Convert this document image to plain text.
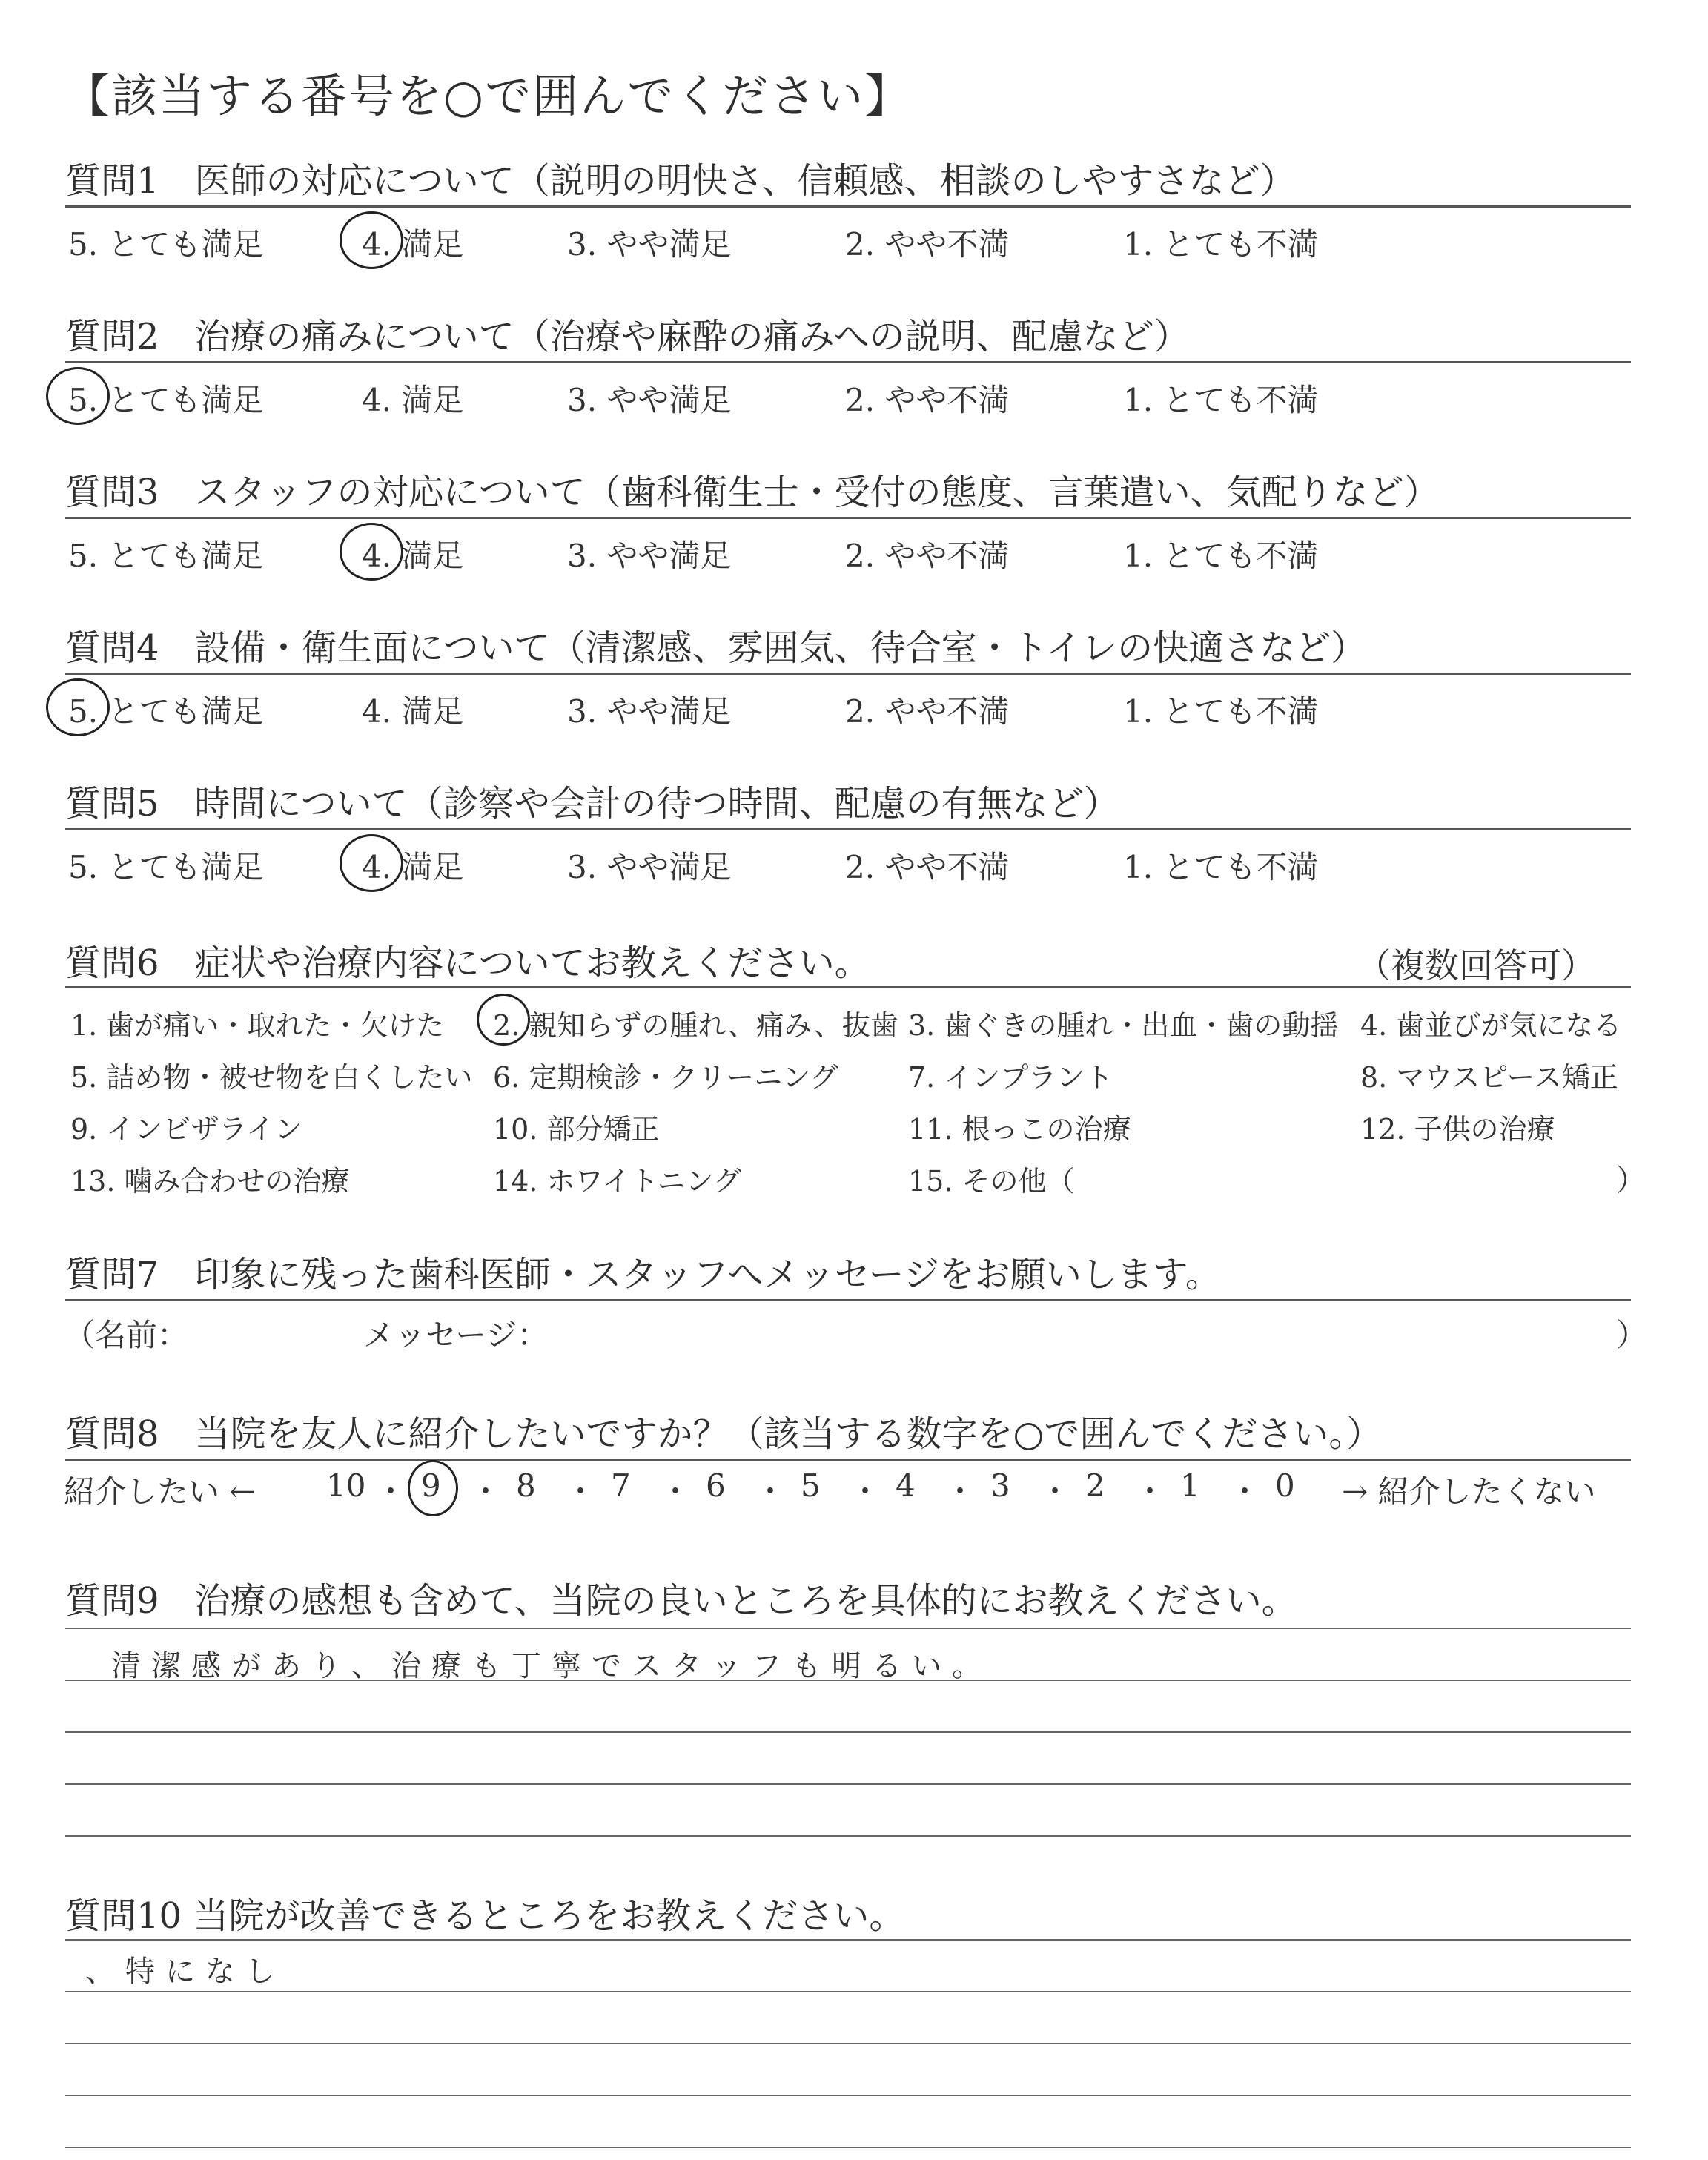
【該当する番号を○で囲んでください】
質問1　医師の対応について（説明の明快さ、信頼感、相談のしやすさなど）
5. とても満足	4. 満足	3. やや満足	2. やや不満	1. とても不満
質問2　治療の痛みについて（治療や麻酔の痛みへの説明、配慮など）
5. とても満足	4. 満足	3. やや満足	2. やや不満	1. とても不満
質問3　スタッフの対応について（歯科衛生士・受付の態度、言葉遣い、気配りなど）
5. とても満足	4. 満足	3. やや満足	2. やや不満	1. とても不満
質問4　設備・衛生面について（清潔感、雰囲気、待合室・トイレの快適さなど）
5. とても満足	4. 満足	3. やや満足	2. やや不満	1. とても不満
質問5　時間について（診察や会計の待つ時間、配慮の有無など）
5. とても満足	4. 満足	3. やや満足	2. やや不満	1. とても不満
質問6　症状や治療内容についてお教えください。	（複数回答可）
1. 歯が痛い・取れた・欠けた 2. 親知らずの腫れ、痛み、抜歯 3. 歯ぐきの腫れ・出血・歯の動揺 4. 歯並びが気になる
5. 詰め物・被せ物を白くしたい 6. 定期検診・クリーニング 7. インプラント	8. マウスピース矯正
9. インビザライン	10. 部分矯正	11. 根っこの治療	12. 子供の治療
13. 噛み合わせの治療	14. ホワイトニング	15. その他（	）
質問7　印象に残った歯科医師・スタッフへメッセージをお願いします。
（名前：	メッセージ：	）
質問8　当院を友人に紹介したいですか？（該当する数字を○で囲んでください。）
紹介したい ← 10 ・ 9 ・ 8 ・ 7 ・ 6 ・ 5 ・ 4 ・ 3 ・ 2 ・ 1 ・ 0 → 紹介したくない
質問9　治療の感想も含めて、当院の良いところを具体的にお教えください。
清潔感があり、治療も丁寧でスタッフも明るい。
質問10 当院が改善できるところをお教えください。
、特になし
